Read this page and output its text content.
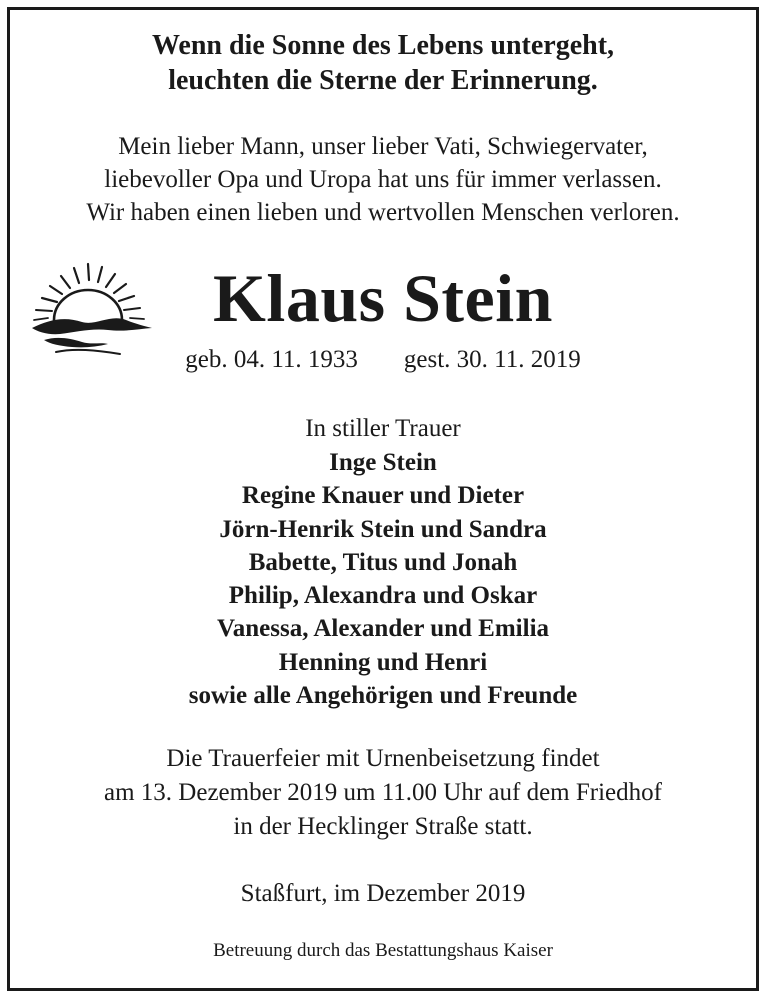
Wenn die Sonne des Lebens untergeht,
leuchten die Sterne der Erinnerung.
Mein lieber Mann, unser lieber Vati, Schwiegervater,
liebevoller Opa und Uropa hat uns für immer verlassen.
Wir haben einen lieben und wertvollen Menschen verloren.
Klaus Stein
geb. 04. 11. 1933 gest. 30. 11. 2019
In stiller Trauer
Inge Stein
Regine Knauer und Dieter
Jörn-Henrik Stein und Sandra
Babette, Titus und Jonah
Philip, Alexandra und Oskar
Vanessa, Alexander und Emilia
Henning und Henri
sowie alle Angehörigen und Freunde
Die Trauerfeier mit Urnenbeisetzung findet
am 13. Dezember 2019 um 11.00 Uhr auf dem Friedhof
in der Hecklinger Straße statt.
Staßfurt, im Dezember 2019
Betreuung durch das Bestattungshaus Kaiser
